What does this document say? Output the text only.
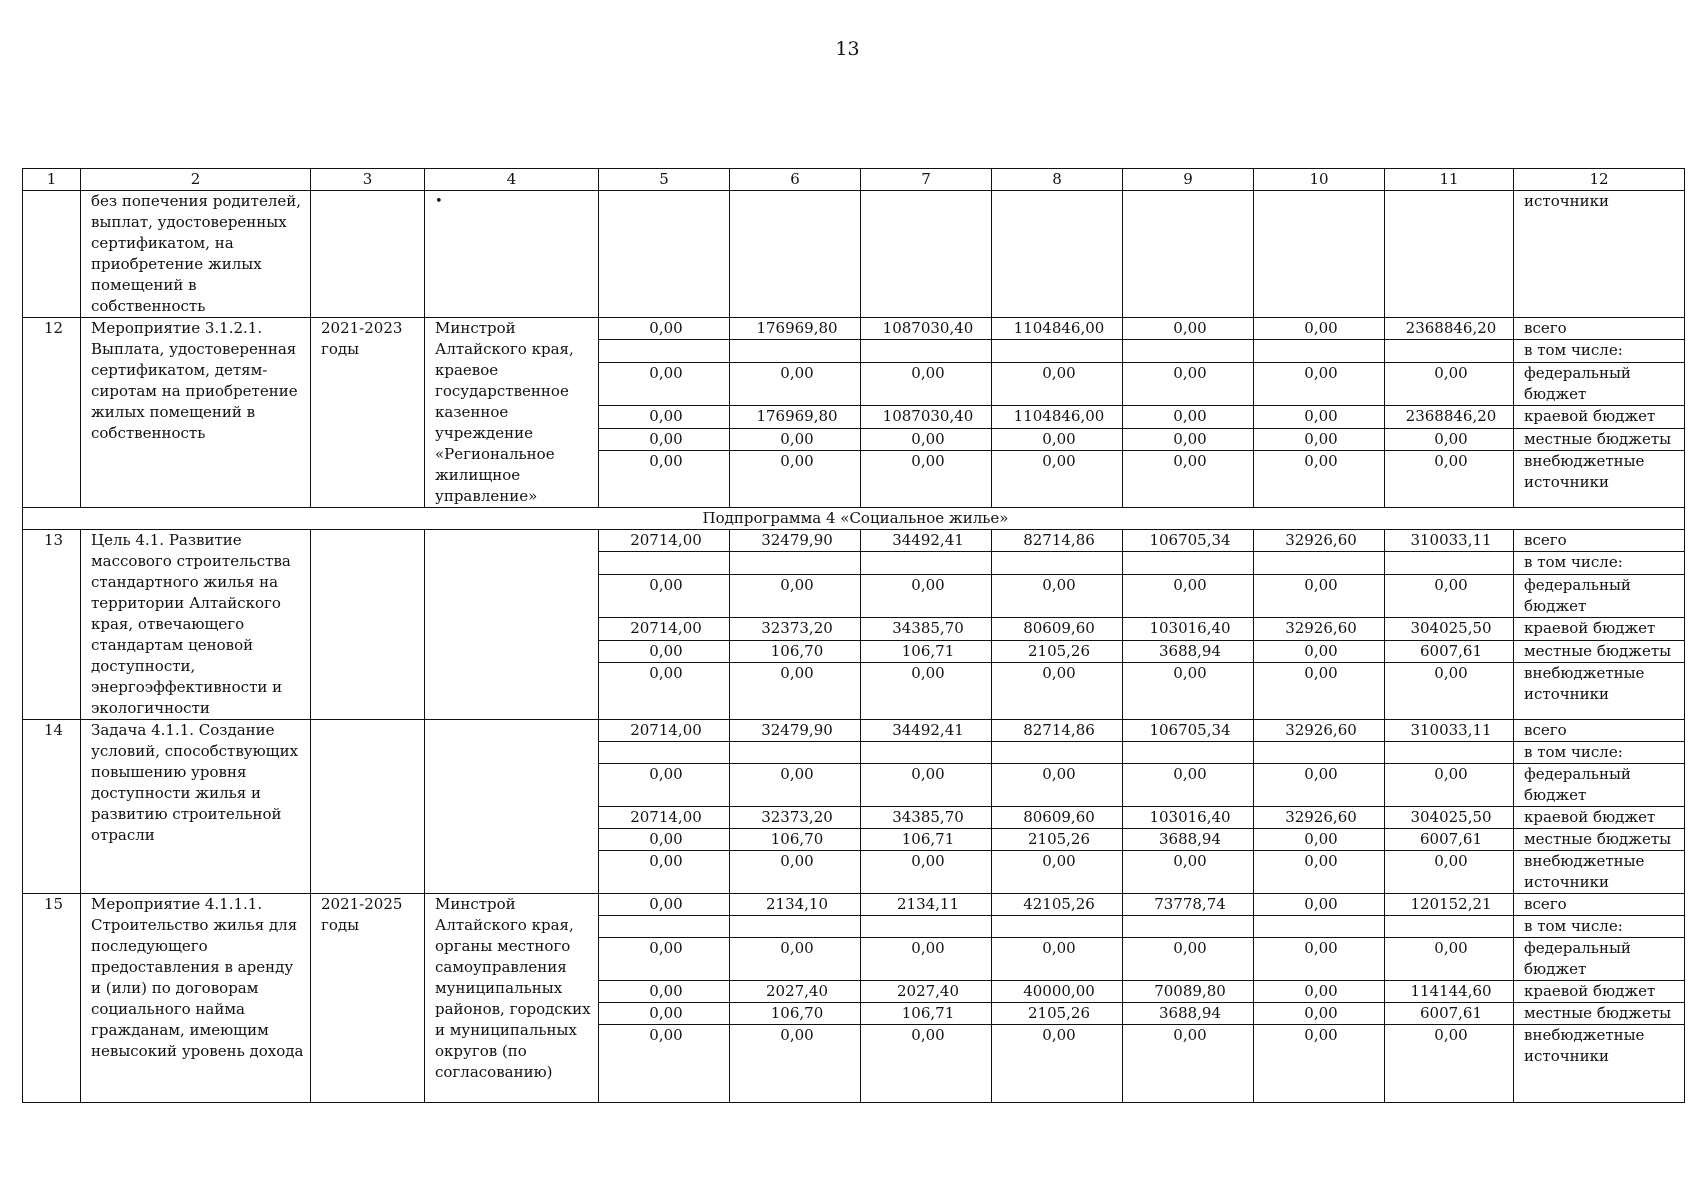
13
1	2	3	4	5	6	7	8	9	10	11	12
	без попечения родителей, выплат, удостоверенных сертификатом, на приобретение жилых помещений в собственность		•								источники
12	Мероприятие 3.1.2.1. Выплата, удостоверенная сертификатом, детям-сиротам на приобретение жилых помещений в собственность	2021-2023 годы	Минстрой Алтайского края, краевое государственное казенное учреждение «Региональное жилищное управление»	0,00	176969,80	1087030,40	1104846,00	0,00	0,00	2368846,20	всего

											в том числе:

				0,00	0,00	0,00	0,00	0,00	0,00	0,00	федеральный
бюджет

				0,00	176969,80	1087030,40	1104846,00	0,00	0,00	2368846,20	краевой бюджет

				0,00	0,00	0,00	0,00	0,00	0,00	0,00	местные бюджеты

				0,00	0,00	0,00	0,00	0,00	0,00	0,00	внебюджетные
источники

Подпрограмма 4 «Социальное жилье»											
13	Цель 4.1. Развитие массового строительства стандартного жилья на территории Алтайского края, отвечающего стандартам ценовой доступности, энергоэффективности и экологичности			20714,00	32479,90	34492,41	82714,86	106705,34	32926,60	310033,11	всего

											в том числе:

				0,00	0,00	0,00	0,00	0,00	0,00	0,00	федеральный
бюджет

				20714,00	32373,20	34385,70	80609,60	103016,40	32926,60	304025,50	краевой бюджет

				0,00	106,70	106,71	2105,26	3688,94	0,00	6007,61	местные бюджеты

				0,00	0,00	0,00	0,00	0,00	0,00	0,00	внебюджетные
источники

14	Задача 4.1.1. Создание условий, способствующих повышению уровня доступности жилья и развитию строительной отрасли			20714,00	32479,90	34492,41	82714,86	106705,34	32926,60	310033,11	всего

											в том числе:

				0,00	0,00	0,00	0,00	0,00	0,00	0,00	федеральный
бюджет

				20714,00	32373,20	34385,70	80609,60	103016,40	32926,60	304025,50	краевой бюджет

				0,00	106,70	106,71	2105,26	3688,94	0,00	6007,61	местные бюджеты

				0,00	0,00	0,00	0,00	0,00	0,00	0,00	внебюджетные
источники

15	Мероприятие 4.1.1.1. Строительство жилья для последующего предоставления в аренду и (или) по договорам социального найма гражданам, имеющим невысокий уровень дохода	2021-2025 годы	Минстрой Алтайского края, органы местного самоуправления муниципальных районов, городских и муниципальных округов (по согласованию)	0,00	2134,10	2134,11	42105,26	73778,74	0,00	120152,21	всего

											в том числе:

				0,00	0,00	0,00	0,00	0,00	0,00	0,00	федеральный
бюджет

				0,00	2027,40	2027,40	40000,00	70089,80	0,00	114144,60	краевой бюджет

				0,00	106,70	106,71	2105,26	3688,94	0,00	6007,61	местные бюджеты

				0,00	0,00	0,00	0,00	0,00	0,00	0,00	внебюджетные
источники
